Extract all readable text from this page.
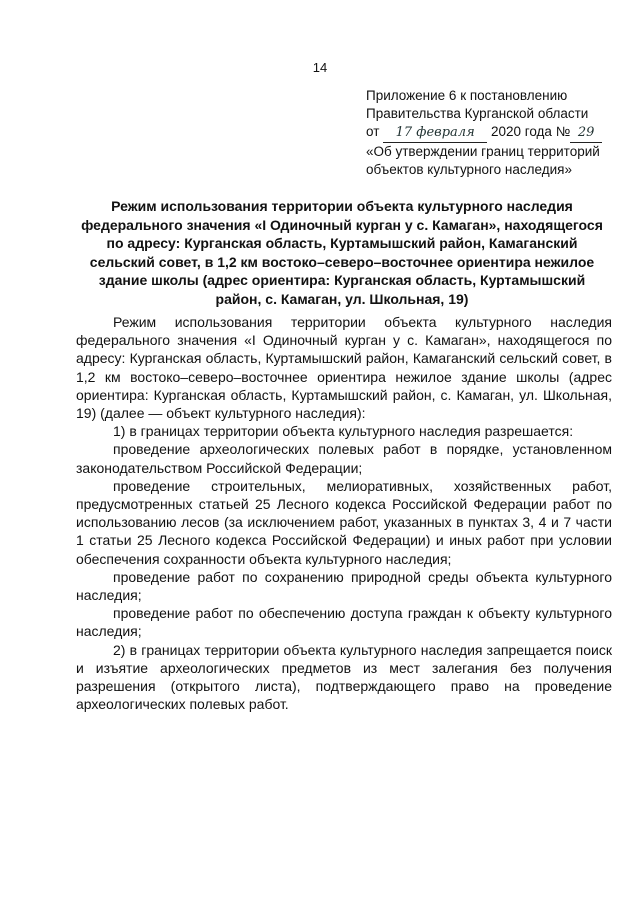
14
Приложение 6 к постановлению
Правительства Курганской области
от 17 февраля 2020 года № 29
«Об утверждении границ территорий
объектов культурного наследия»
Режим использования территории объекта культурного наследия федерального значения «I Одиночный курган у с. Камаган», находящегося по адресу: Курганская область, Куртамышский район, Камаганский сельский совет, в 1,2 км востоко–северо–восточнее ориентира нежилое здание школы (адрес ориентира: Курганская область, Куртамышский район, с. Камаган, ул. Школьная, 19)

Режим использования территории объекта культурного наследия федерального значения «I Одиночный курган у с. Камаган», находящегося по адресу: Курганская область, Куртамышский район, Камаганский сельский совет, в 1,2 км востоко–северо–восточнее ориентира нежилое здание школы (адрес ориентира: Курганская область, Куртамышский район, с. Камаган, ул. Школьная, 19) (далее — объект культурного наследия):

1) в границах территории объекта культурного наследия разрешается:

проведение археологических полевых работ в порядке, установленном законодательством Российской Федерации;

проведение строительных, мелиоративных, хозяйственных работ, предусмотренных статьей 25 Лесного кодекса Российской Федерации работ по использованию лесов (за исключением работ, указанных в пунктах 3, 4 и 7 части 1 статьи 25 Лесного кодекса Российской Федерации) и иных работ при условии обеспечения сохранности объекта культурного наследия;

проведение работ по сохранению природной среды объекта культурного наследия;

проведение работ по обеспечению доступа граждан к объекту культурного наследия;

2) в границах территории объекта культурного наследия запрещается поиск и изъятие археологических предметов из мест залегания без получения разрешения (открытого листа), подтверждающего право на проведение археологических полевых работ.
